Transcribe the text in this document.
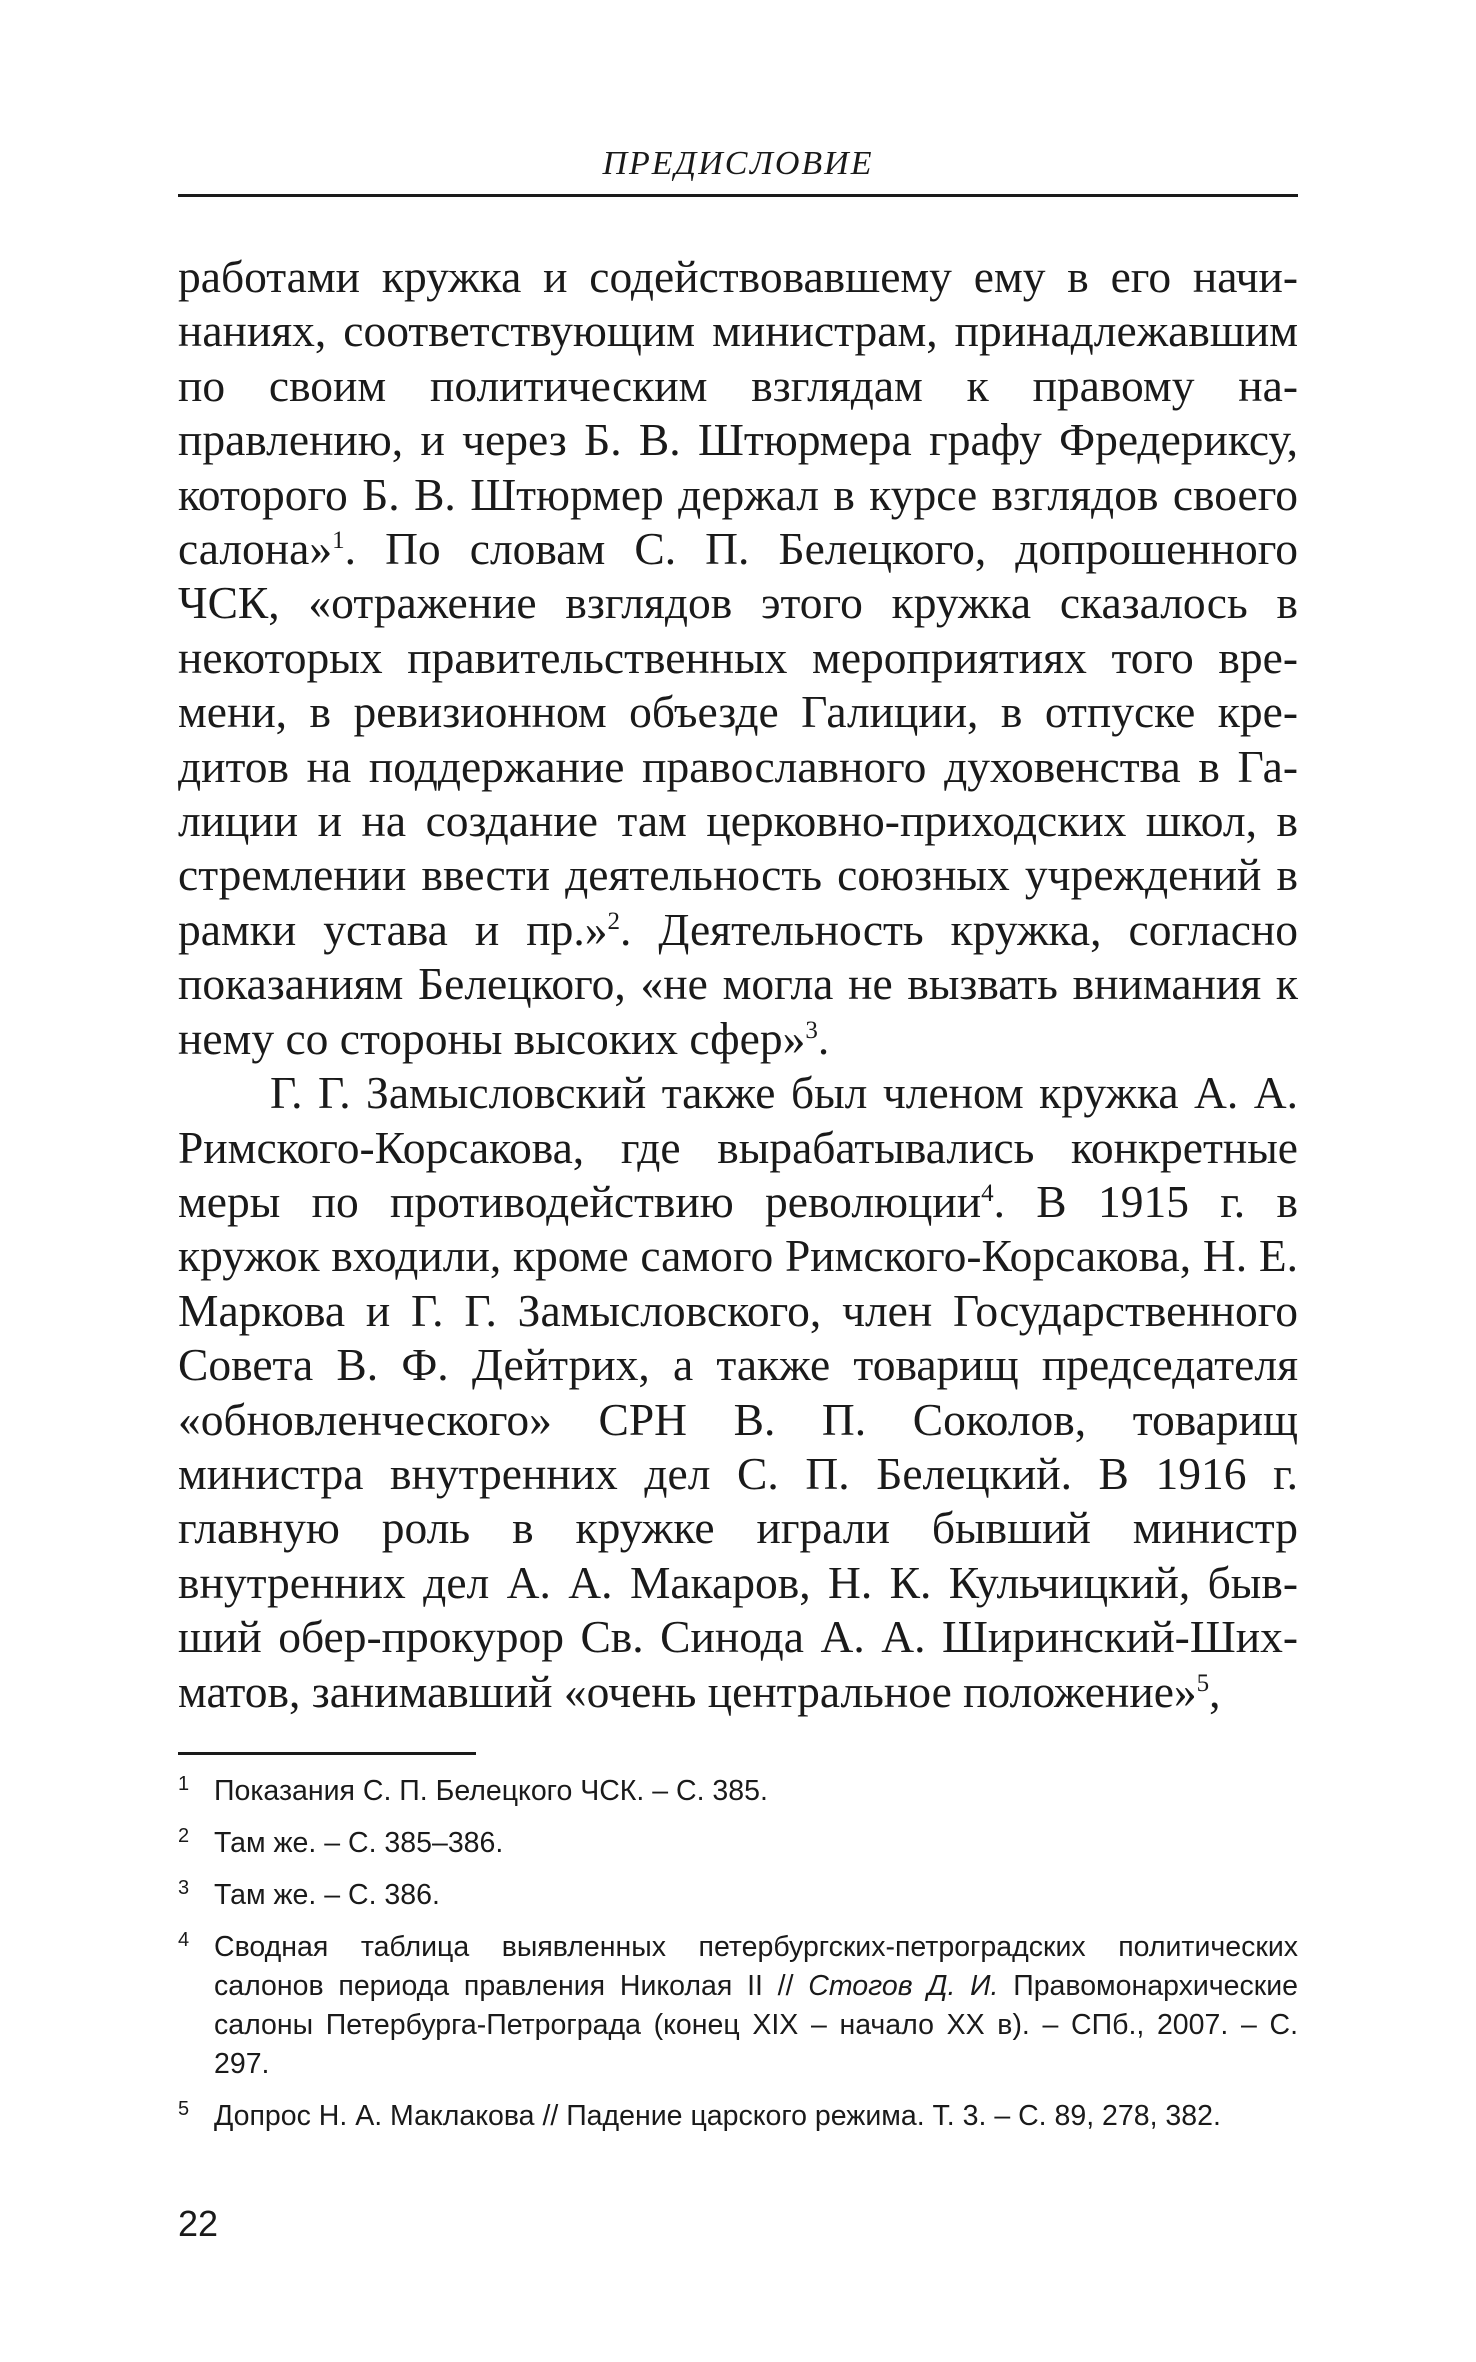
ПРЕДИСЛОВИЕ

работами кружка и содействовавшему ему в его начинаниях, соответствующим министрам, принадлежавшим по своим политическим взглядам к правому направлению, и через Б. В. Штюрмера графу Фредериксу, которого Б. В. Штюрмер держал в курсе взглядов своего салона»$^1$. По словам С. П. Белецкого, допрошенного ЧСК, «отражение взглядов этого кружка сказалось в некоторых правительственных мероприятиях того времени, в ревизионном объезде Галиции, в отпуске кредитов на поддержание православного духовенства в Галиции и на создание там церковно-приходских школ, в стремлении ввести деятельность союзных учреждений в рамки устава и пр.»$^2$. Деятельность кружка, согласно показаниям Белецкого, «не могла не вызвать внимания к нему со стороны высоких сфер»$^3$.

Г. Г. Замысловский также был членом кружка А. А. Римского-Корсакова, где вырабатывались конкретные меры по противодействию революции$^4$. В 1915 г. в кружок входили, кроме самого Римского-Корсакова, Н. Е. Маркова и Г. Г. Замысловского, член Государственного Совета В. Ф. Дейтрих, а также товарищ председателя «обновленческого» СРН В. П. Соколов, товарищ министра внутренних дел С. П. Белецкий. В 1916 г. главную роль в кружке играли бывший министр внутренних дел А. А. Макаров, Н. К. Кульчицкий, бывший обер-прокурор Св. Синода А. А. Ширинский-Шихматов, занимавший «очень центральное положение»$^5$,

1 Показания С. П. Белецкого ЧСК. – С. 385.
2 Там же. – С. 385–386.
3 Там же. – С. 386.
4 Сводная таблица выявленных петербургских-петроградских политических салонов периода правления Николая II // Стогов Д. И. Правомонархические салоны Петербурга-Петрограда (конец XIX – начало XX в). – СПб., 2007. – С. 297.
5 Допрос Н. А. Маклакова // Падение царского режима. Т. 3. – С. 89, 278, 382.
22
